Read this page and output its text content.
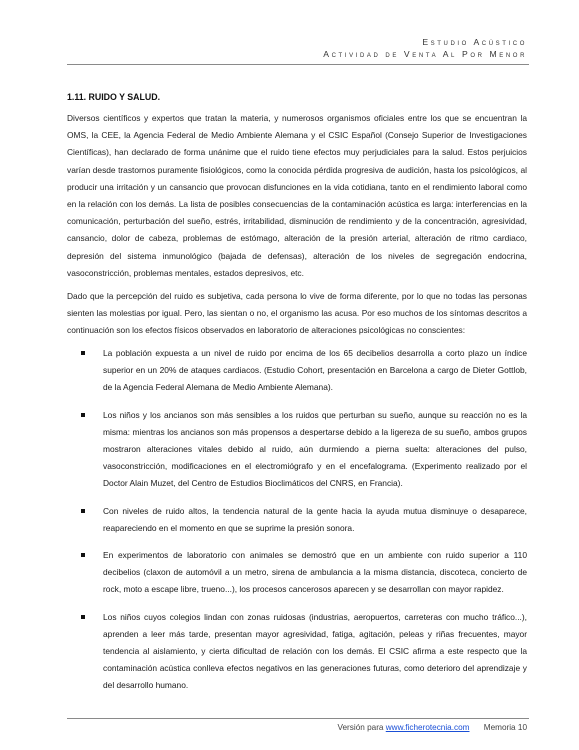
Estudio Acústico
Actividad de Venta Al Por Menor
1.11. RUIDO Y SALUD.

Diversos científicos y expertos que tratan la materia, y numerosos organismos oficiales entre los que se encuentran la OMS, la CEE, la Agencia Federal de Medio Ambiente Alemana y el CSIC Español (Consejo Superior de Investigaciones Científicas), han declarado de forma unánime que el ruido tiene efectos muy perjudiciales para la salud. Estos perjuicios varían desde trastornos puramente fisiológicos, como la conocida pérdida progresiva de audición, hasta los psicológicos, al producir una irritación y un cansancio que provocan disfunciones en la vida cotidiana, tanto en el rendimiento laboral como en la relación con los demás. La lista de posibles consecuencias de la contaminación acústica es larga: interferencias en la comunicación, perturbación del sueño, estrés, irritabilidad, disminución de rendimiento y de la concentración, agresividad, cansancio, dolor de cabeza, problemas de estómago, alteración de la presión arterial, alteración de ritmo cardiaco, depresión del sistema inmunológico (bajada de defensas), alteración de los niveles de segregación endocrina, vasoconstricción, problemas mentales, estados depresivos, etc.

Dado que la percepción del ruido es subjetiva, cada persona lo vive de forma diferente, por lo que no todas las personas sienten las molestias por igual. Pero, las sientan o no, el organismo las acusa. Por eso muchos de los síntomas descritos a continuación son los efectos físicos observados en laboratorio de alteraciones psicológicas no conscientes:

La población expuesta a un nivel de ruido por encima de los 65 decibelios desarrolla a corto plazo un índice superior en un 20% de ataques cardiacos. (Estudio Cohort, presentación en Barcelona a cargo de Dieter Gottlob, de la Agencia Federal Alemana de Medio Ambiente Alemana).
Los niños y los ancianos son más sensibles a los ruidos que perturban su sueño, aunque su reacción no es la misma: mientras los ancianos son más propensos a despertarse debido a la ligereza de su sueño, ambos grupos mostraron alteraciones vitales debido al ruido, aún durmiendo a pierna suelta: alteraciones del pulso, vasoconstricción, modificaciones en el electromiógrafo y en el encefalograma. (Experimento realizado por el Doctor Alain Muzet, del Centro de Estudios Bioclimáticos del CNRS, en Francia).
Con niveles de ruido altos, la tendencia natural de la gente hacia la ayuda mutua disminuye o desaparece, reapareciendo en el momento en que se suprime la presión sonora.
En experimentos de laboratorio con animales se demostró que en un ambiente con ruido superior a 110 decibelios (claxon de automóvil a un metro, sirena de ambulancia a la misma distancia, discoteca, concierto de rock, moto a escape libre, trueno...), los procesos cancerosos aparecen y se desarrollan con mayor rapidez.
Los niños cuyos colegios lindan con zonas ruidosas (industrias, aeropuertos, carreteras con mucho tráfico...), aprenden a leer más tarde, presentan mayor agresividad, fatiga, agitación, peleas y riñas frecuentes, mayor tendencia al aislamiento, y cierta dificultad de relación con los demás. El CSIC afirma a este respecto que la contaminación acústica conlleva efectos negativos en las generaciones futuras, como deterioro del aprendizaje y del desarrollo humano.
Versión para www.ficherotecnia.com Memoria 10
